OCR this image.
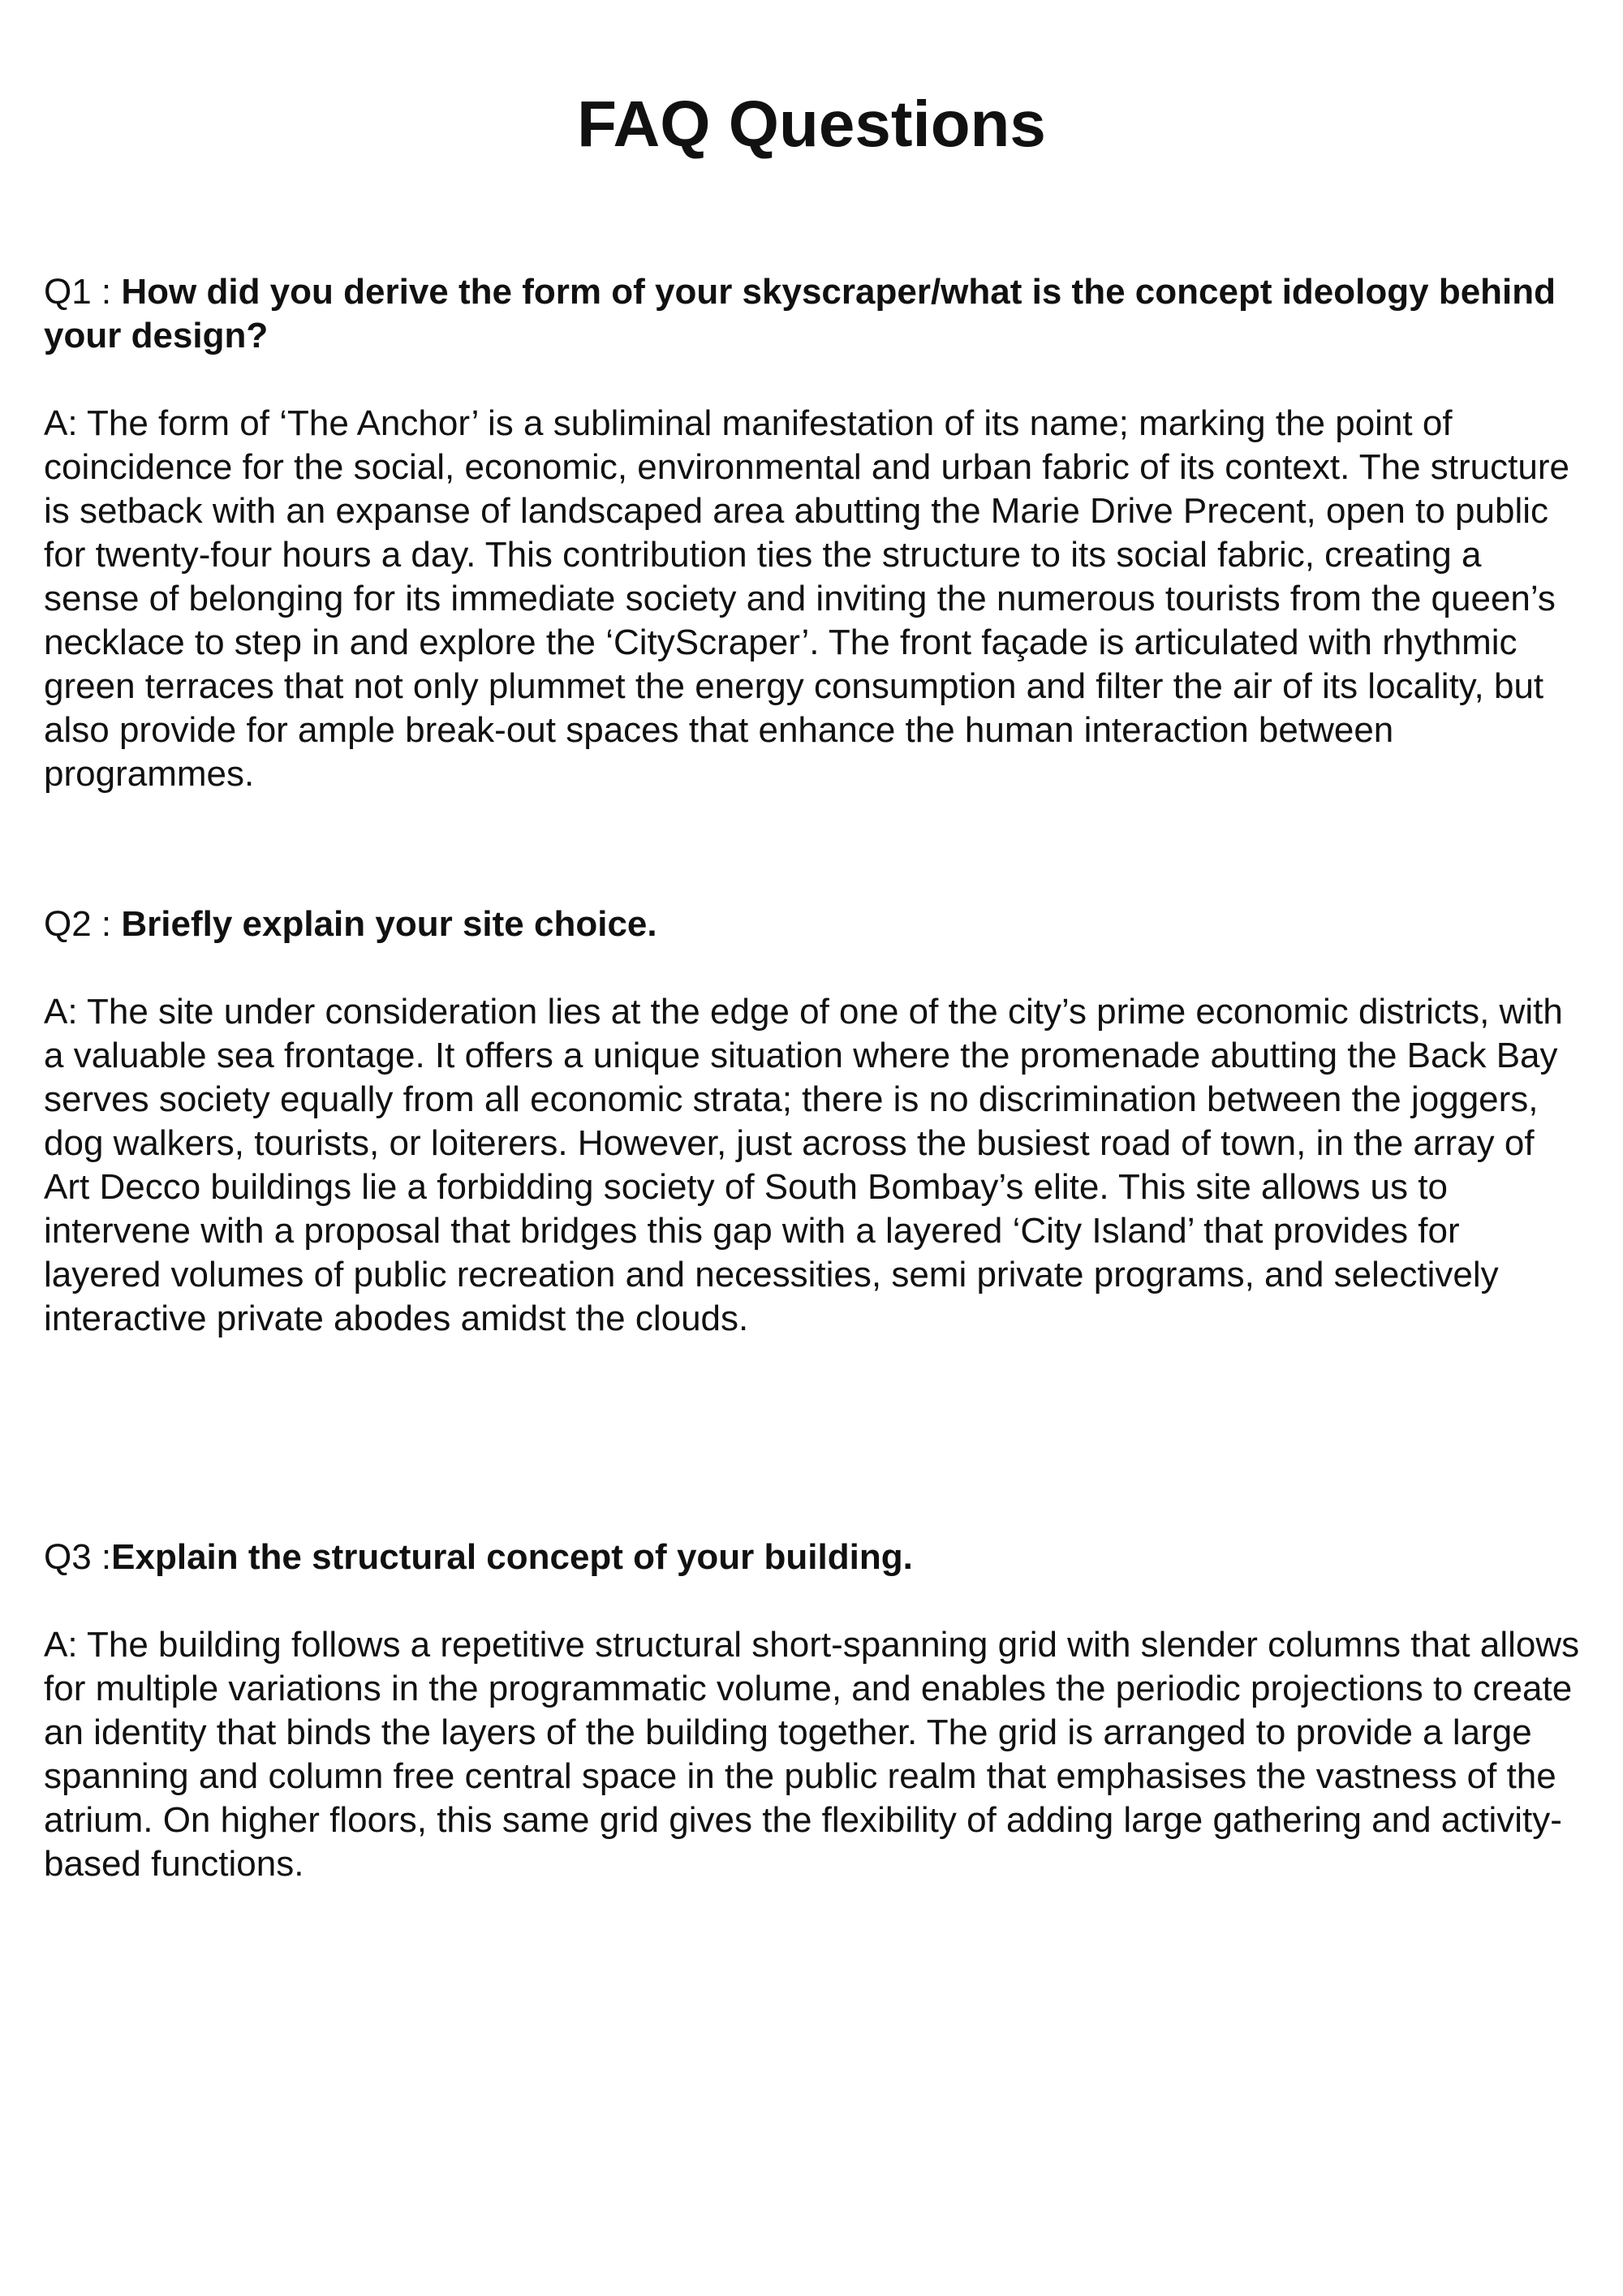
FAQ Questions

Q1 : How did you derive the form of your skyscraper/what is the concept ideology behind your design?

A: The form of ‘The Anchor’ is a subliminal manifestation of its name; marking the point of coincidence for the social, economic, environmental and urban fabric of its context. The structure is setback with an expanse of landscaped area abutting the Marie Drive Precent, open to public for twenty-four hours a day. This contribution ties the structure to its social fabric, creating a sense of belonging for its immediate society and inviting the numerous tourists from the queen’s necklace to step in and explore the ‘CityScraper’. The front façade is articulated with rhythmic green terraces that not only plummet the energy consumption and filter the air of its locality, but also provide for ample break-out spaces that enhance the human interaction between programmes.

Q2 : Briefly explain your site choice.

A: The site under consideration lies at the edge of one of the city’s prime economic districts, with a valuable sea frontage. It offers a unique situation where the promenade abutting the Back Bay serves society equally from all economic strata; there is no discrimination between the joggers, dog walkers, tourists, or loiterers. However, just across the busiest road of town, in the array of Art Decco buildings lie a forbidding society of South Bombay’s elite. This site allows us to intervene with a proposal that bridges this gap with a layered ‘City Island’ that provides for layered volumes of public recreation and necessities, semi private programs, and selectively interactive private abodes amidst the clouds.

Q3 :Explain the structural concept of your building.

A: The building follows a repetitive structural short-spanning grid with slender columns that allows for multiple variations in the programmatic volume, and enables the periodic projections to create an identity that binds the layers of the building together. The grid is arranged to provide a large spanning and column free central space in the public realm that emphasises the vastness of the atrium. On higher floors, this same grid gives the flexibility of adding large gathering and activity-based functions.
